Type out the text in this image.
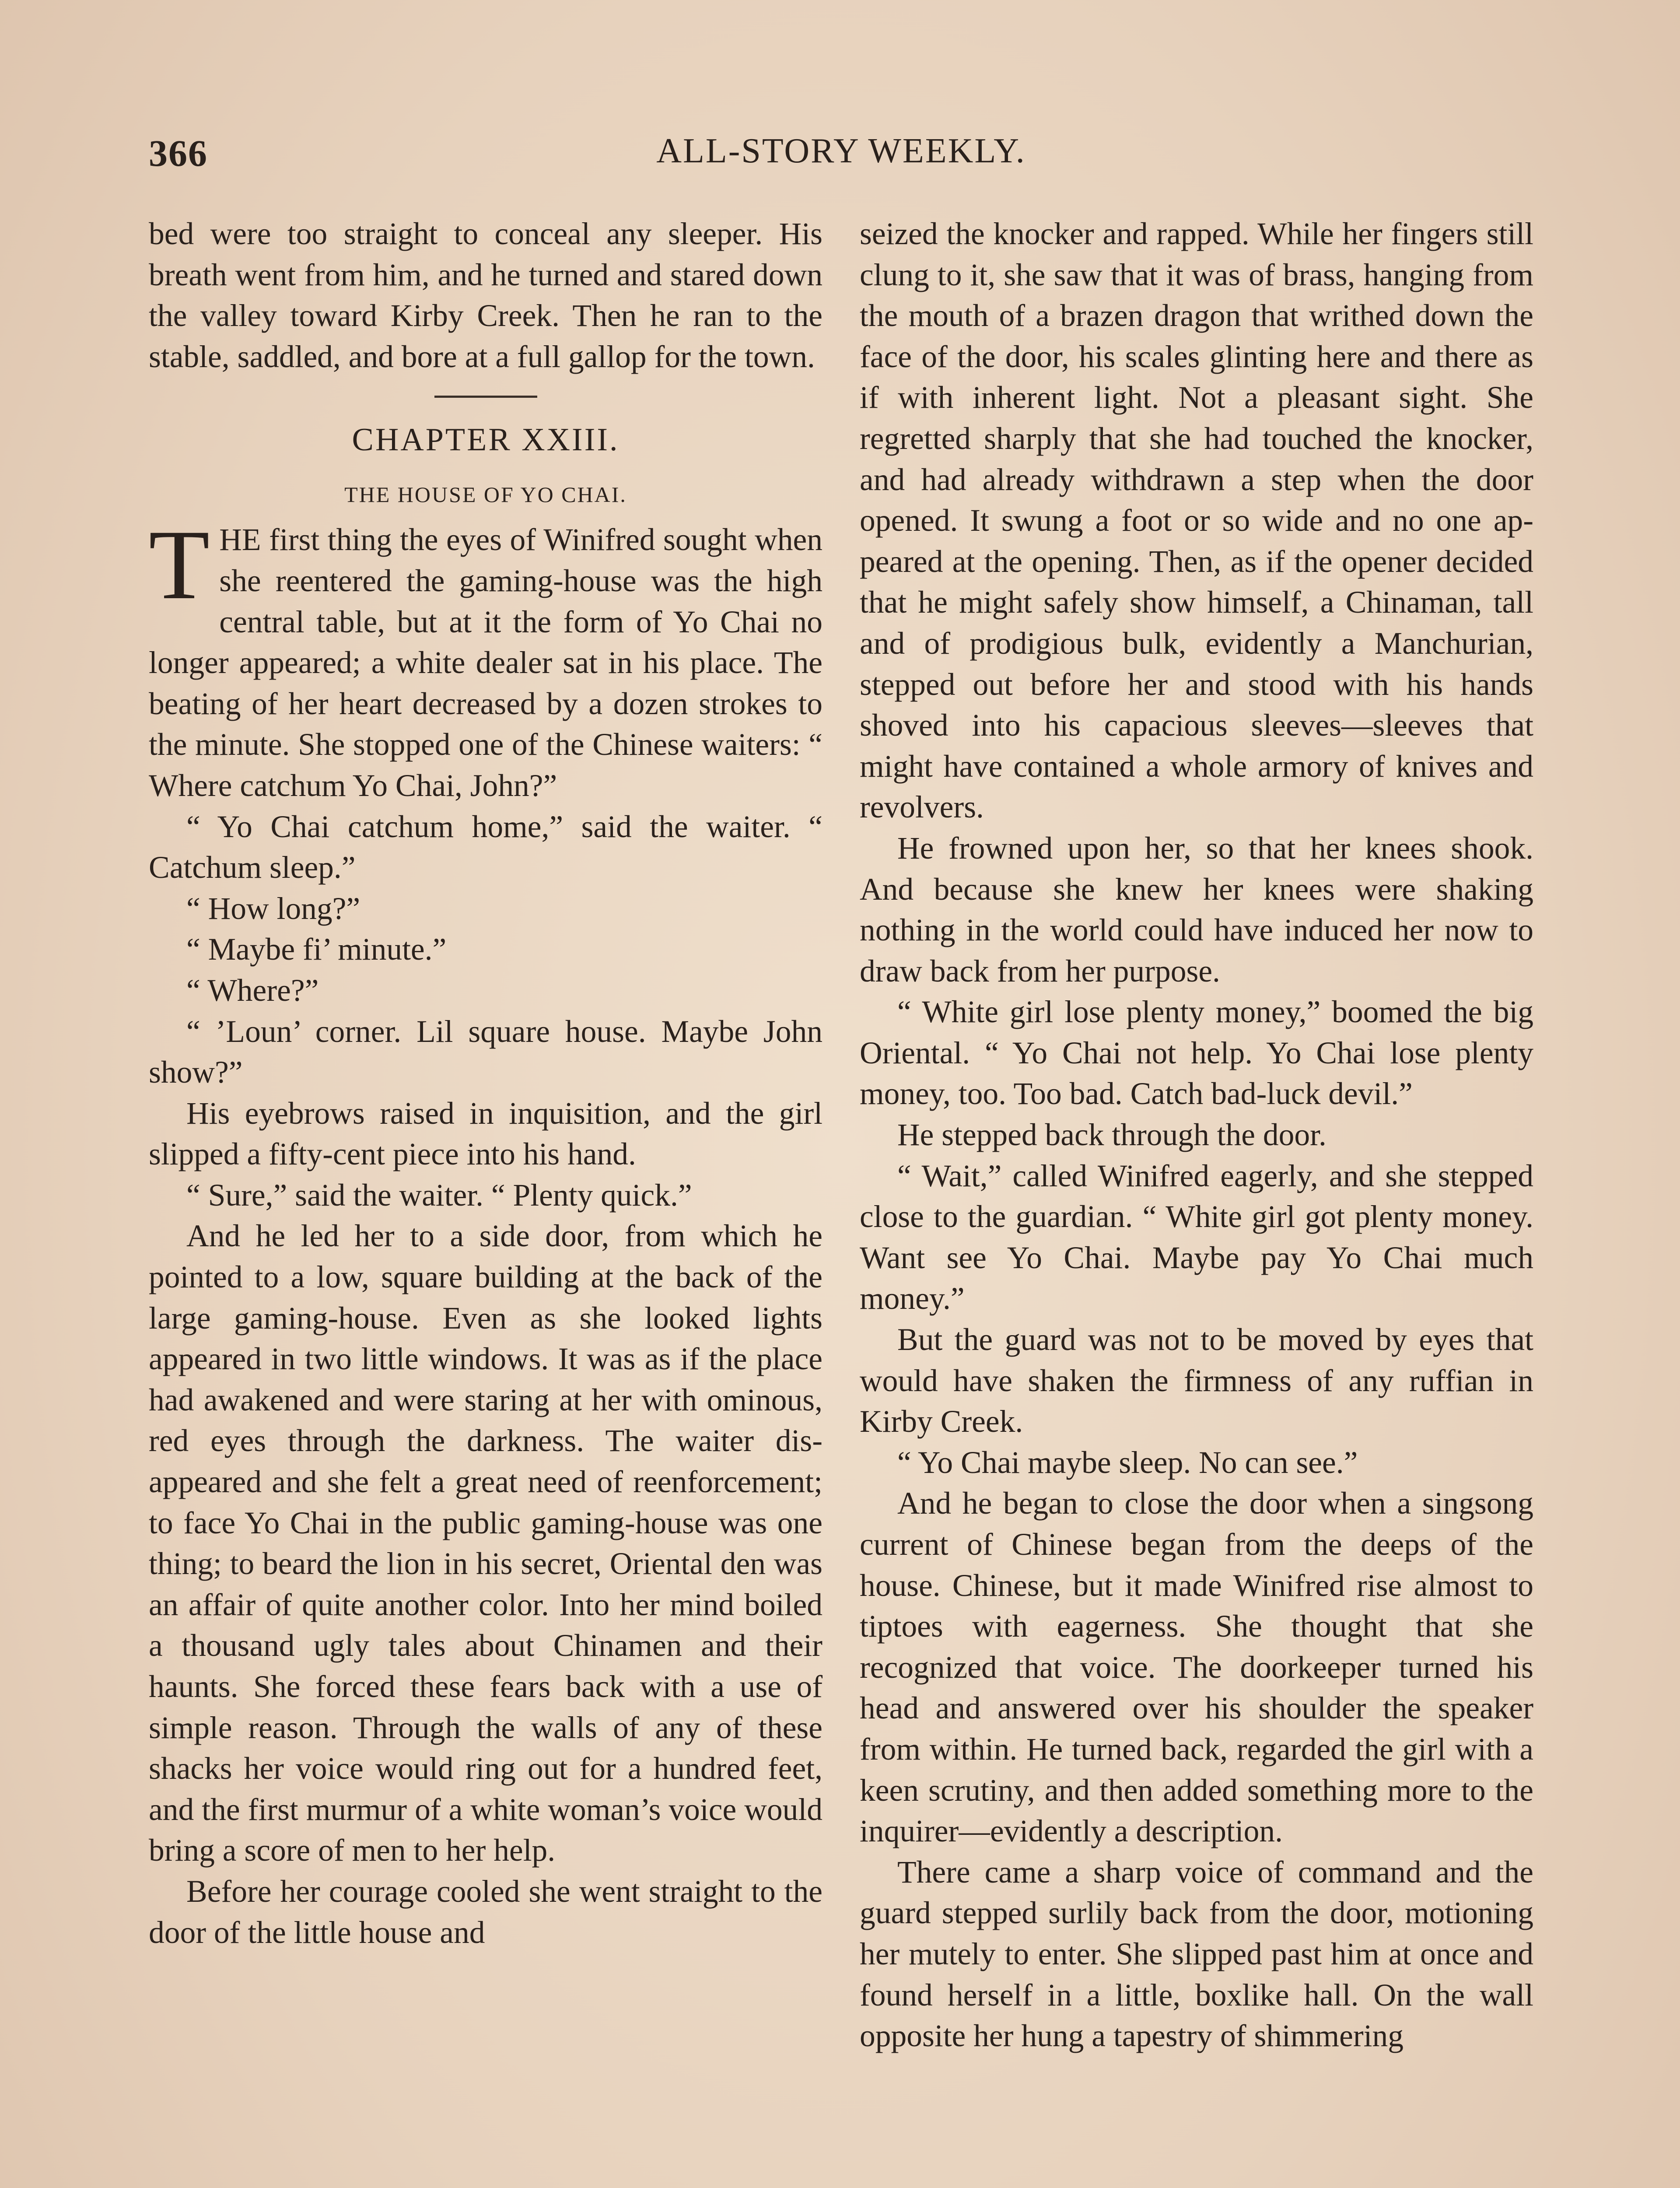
366	ALL-STORY WEEKLY.

bed were too straight to conceal any sleeper. His breath went from him, and he turned and stared down the valley toward Kirby Creek. Then he ran to the stable, saddled, and bore at a full gallop for the town.

CHAPTER XXIII.
THE HOUSE OF YO CHAI.

THE first thing the eyes of Winifred sought when she reentered the gaming-house was the high central table, but at it the form of Yo Chai no longer appeared; a white dealer sat in his place. The beating of her heart decreased by a dozen strokes to the minute. She stopped one of the Chinese waiters: “ Where catchum Yo Chai, John?”

“ Yo Chai catchum home,” said the waiter. “ Catchum sleep.”

“ How long?”

“ Maybe fi’ minute.”

“ Where?”

“ ’Loun’ corner. Lil square house. Maybe John show?”

His eyebrows raised in inquisition, and the girl slipped a fifty-cent piece into his hand.

“ Sure,” said the waiter. “ Plenty quick.”

And he led her to a side door, from which he pointed to a low, square building at the back of the large gaming-house. Even as she looked lights appeared in two little windows. It was as if the place had awakened and were staring at her with ominous, red eyes through the darkness. The waiter disappeared and she felt a great need of reenforcement; to face Yo Chai in the public gaming-house was one thing; to beard the lion in his secret, Oriental den was an affair of quite another color. Into her mind boiled a thousand ugly tales about Chinamen and their haunts. She forced these fears back with a use of simple reason. Through the walls of any of these shacks her voice would ring out for a hundred feet, and the first murmur of a white woman’s voice would bring a score of men to her help.

Before her courage cooled she went straight to the door of the little house and

seized the knocker and rapped. While her fingers still clung to it, she saw that it was of brass, hanging from the mouth of a brazen dragon that writhed down the face of the door, his scales glinting here and there as if with inherent light. Not a pleasant sight. She regretted sharply that she had touched the knocker, and had already withdrawn a step when the door opened. It swung a foot or so wide and no one appeared at the opening. Then, as if the opener decided that he might safely show himself, a Chinaman, tall and of prodigious bulk, evidently a Manchurian, stepped out before her and stood with his hands shoved into his capacious sleeves—sleeves that might have contained a whole armory of knives and revolvers.

He frowned upon her, so that her knees shook. And because she knew her knees were shaking nothing in the world could have induced her now to draw back from her purpose.

“ White girl lose plenty money,” boomed the big Oriental. “ Yo Chai not help. Yo Chai lose plenty money, too. Too bad. Catch bad-luck devil.”

He stepped back through the door.

“ Wait,” called Winifred eagerly, and she stepped close to the guardian. “ White girl got plenty money. Want see Yo Chai. Maybe pay Yo Chai much money.”

But the guard was not to be moved by eyes that would have shaken the firmness of any ruffian in Kirby Creek.

“ Yo Chai maybe sleep. No can see.”

And he began to close the door when a singsong current of Chinese began from the deeps of the house. Chinese, but it made Winifred rise almost to tiptoes with eagerness. She thought that she recognized that voice. The doorkeeper turned his head and answered over his shoulder the speaker from within. He turned back, regarded the girl with a keen scrutiny, and then added something more to the inquirer—evidently a description.

There came a sharp voice of command and the guard stepped surlily back from the door, motioning her mutely to enter. She slipped past him at once and found herself in a little, boxlike hall. On the wall opposite her hung a tapestry of shimmering
